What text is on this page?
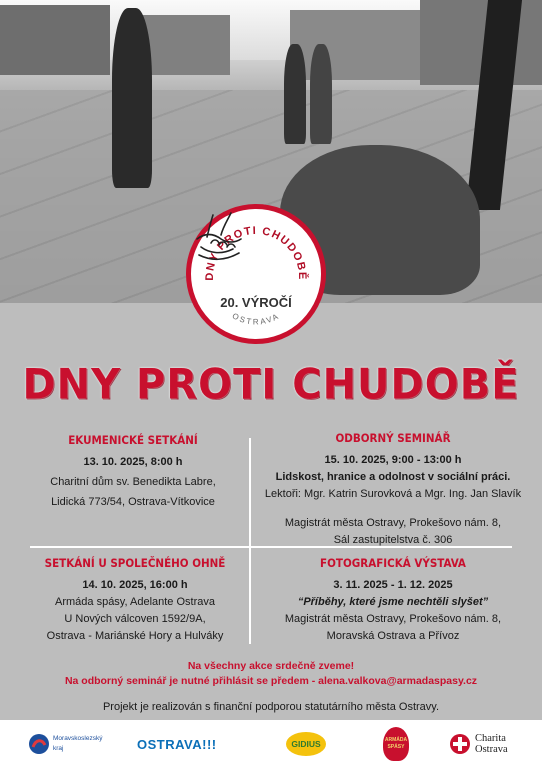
DNY PROTI CHUDOBĚ
OSTRAVA
20. VÝROČÍ
DNY PROTI CHUDOBĚ
EKUMENICKÉ SETKÁNÍ
13. 10. 2025, 8:00 h
Charitní dům sv. Benedikta Labre,
Lidická 773/54, Ostrava-Vítkovice
ODBORNÝ SEMINÁŘ
15. 10. 2025, 9:00 - 13:00 h
Lidskost, hranice a odolnost v sociální práci.
Lektoři: Mgr. Katrin Surovková a Mgr. Ing. Jan Slavík
Magistrát města Ostravy, Prokešovo nám. 8,
Sál zastupitelstva č. 306
SETKÁNÍ U SPOLEČNÉHO OHNĚ
14. 10. 2025, 16:00 h
Armáda spásy, Adelante Ostrava
U Nových válcoven 1592/9A,
Ostrava - Mariánské Hory a Hulváky
FOTOGRAFICKÁ VÝSTAVA
3. 11. 2025 - 1. 12. 2025
“Příběhy, které jsme nechtěli slyšet”
Magistrát města Ostravy, Prokešovo nám. 8,
Moravská Ostrava a Přívoz
Na všechny akce srdečně zveme!
Na odborný seminář je nutné přihlásit se předem - alena.valkova@armadaspasy.cz
Projekt je realizován s finanční podporou statutárního města Ostravy.
Moravskoslezský
kraj	OSTRAVA!!!	GIDIUS	ARMÁDA
SPÁSY
Charita
Ostrava
